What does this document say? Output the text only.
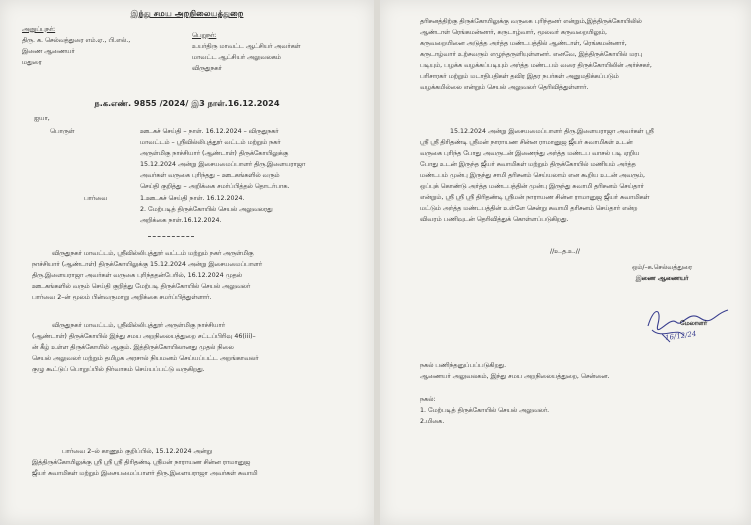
இந்து சமய அறநிலையத்துறை
அனுப்புநர்:
திரு. க. செல்வத்துரை எம்.ஏ., பி.எல்.,
இணை ஆணையர்
மதுரை
பெறுநர்:
உயர்திரு மாவட்ட ஆட்சியர் அவர்கள்
மாவட்ட ஆட்சியர் அலுவலகம்
விருதுநகர்
ந.க.எண். 9855 /2024/ இ3 நாள்.16.12.2024
ஐயா,
பொருள்	ஊடகச் செய்தி – நாள். 16.12.2024 – விருதுநகர்
மாவட்டம் – ஸ்ரீவில்லிபுத்தூர் வட்டம் மற்றும் நகர்
அருள்மிகு நாச்சியார் (ஆண்டாள்) திருக்கோயிலுக்கு
15.12.2024 அன்று இசையமைப்பாளர் திரு.இளையராஜா
அவர்கள் வருகை புரிந்தது – ஊடகங்களில் வரும்
செய்தி குறித்து – அறிக்கை சமர்ப்பித்தல் தொடர்பாக.
பார்வை	1.ஊடகச் செய்தி நாள். 16.12.2024.
2. மேற்படித் திருக்கோயில் செயல் அலுவலரது
அறிக்கை நாள்.16.12.2024.
விருதுநகர் மாவட்டம், ஸ்ரீவில்லிபுத்தூர் வட்டம் மற்றும் நகர் அருள்மிகு
நாச்சியார் (ஆண்டாள்) திருக்கோயிலுக்கு 15.12.2024 அன்று இசையமைப்பாளர்
திரு.இளையராஜா அவர்கள் வருகை புரிந்ததன்பேரில், 16.12.2024 முதல்
ஊடகங்களில் வரும் செய்தி குறித்து மேற்படி திருக்கோயில் செயல் அலுவலர்
பார்வை 2–ன் மூலம் பின்வருமாறு அறிக்கை சமர்ப்பித்துள்ளார்.
விருதுநகர் மாவட்டம், ஸ்ரீவில்லிபுத்தூர் அருள்மிகு நாச்சியார்
(ஆண்டாள்) திருக்கோயில் இந்து சமய அறநிலையத்துறை சட்டப்பிரிவு 46(iii)–
ன் கீழ் உள்ள திருக்கோயில் ஆகும். இத்திருக்கோயிலானது முதல் நிலை
செயல் அலுவலர் மற்றும் தமிழக அரசால் நியமனம் செய்யப்பட்ட அறங்காவலர்
குழு கூட்டுப் பொறுப்பில் நிர்வாகம் செய்யப்பட்டு வருகிறது.
பார்வை 2–ல் காணும் குறிப்பில், 15.12.2024 அன்று
இத்திருக்கோயிலுக்கு ஸ்ரீ ஸ்ரீ ஸ்ரீ திரிதண்டி ஸ்ரீமன் நாராயண சின்ன ராமானுஜ
ஜீயர் சுவாமிகள் மற்றும் இசையமைப்பாளர் திரு.இளையராஜா அவர்கள் சுவாமி
தரிசனத்திற்கு திருக்கோயிலுக்கு வருகை புரிந்தனர் என்றும்,இத்திருக்கோயிலில்
ஆண்டாள் ரெங்கமன்னார், கருடாழ்வார், மூலவர் கருவறையிலும்,
கருவறையினை அடுத்த அர்த்த மண்டபத்தில் ஆண்டாள், ரெங்கமன்னார்,
கருடாழ்வார் உற்சவரும் எழுந்தருளியுள்ளனர். எனவே, இத்திருக்கோயில் மரபு
படியும், பழக்க வழக்கப்படியும் அர்த்த மண்டபம் வரை திருக்கோயிலின் அர்ச்சகர்,
பரிசாரகர் மற்றும் மடாதிபதிகள் தவிர இதர நபர்கள் அனுமதிக்கப்படும்
வழக்கமில்லை என்றும் செயல் அலுவலர் தெரிவித்துள்ளார்.
15.12.2024 அன்று இசையமைப்பாளர் திரு.இளையராஜா அவர்கள் ஸ்ரீ
ஸ்ரீ ஸ்ரீ திரிதண்டி ஸ்ரீமன் நாராயண சின்ன ராமானுஜ ஜீயர் சுவாமிகள் உடன்
வருகை புரிந்த போது அவருடன் இணைந்து அர்த்த மண்டப வாசல் படி ஏறிய
போது உடன் இருந்த ஜீயர் சுவாமிகள் மற்றும் திருக்கோயில் மணியம் அர்த்த
மண்டபம் முன்பு இருந்து சாமி தரிசனம் செய்யலாம் என கூறிய உடன் அவரும்,
ஒப்புக் கொண்டு அர்த்த மண்டபத்தின் முன்பு இருந்து சுவாமி தரிசனம் செய்தார்
என்றும், ஸ்ரீ ஸ்ரீ ஸ்ரீ திரிதண்டி ஸ்ரீமன் நாராயண சின்ன ராமானுஜ ஜீயர் சுவாமிகள்
மட்டும் அர்த்த மண்டபத்தின் உள்ளே சென்று சுவாமி தரிசனம் செய்தார் என்ற
விவரம் பணிவுடன் தெரிவித்துக் கொள்ளப்படுகிறது.
//உ.த.உ.//
ஒம்/–க.செல்வத்துரை
இணை ஆணையர்
மேலாளர்
16/12/24
நகல் பணிந்தனுப்பப்படுகிறது.
ஆணையர் அலுவலகம், இந்து சமய அறநிலையத்துறை, சென்னை.
நகல்:
1. மேற்படித் திருக்கோயில் செயல் அலுவலர்.
2.மிகை.
